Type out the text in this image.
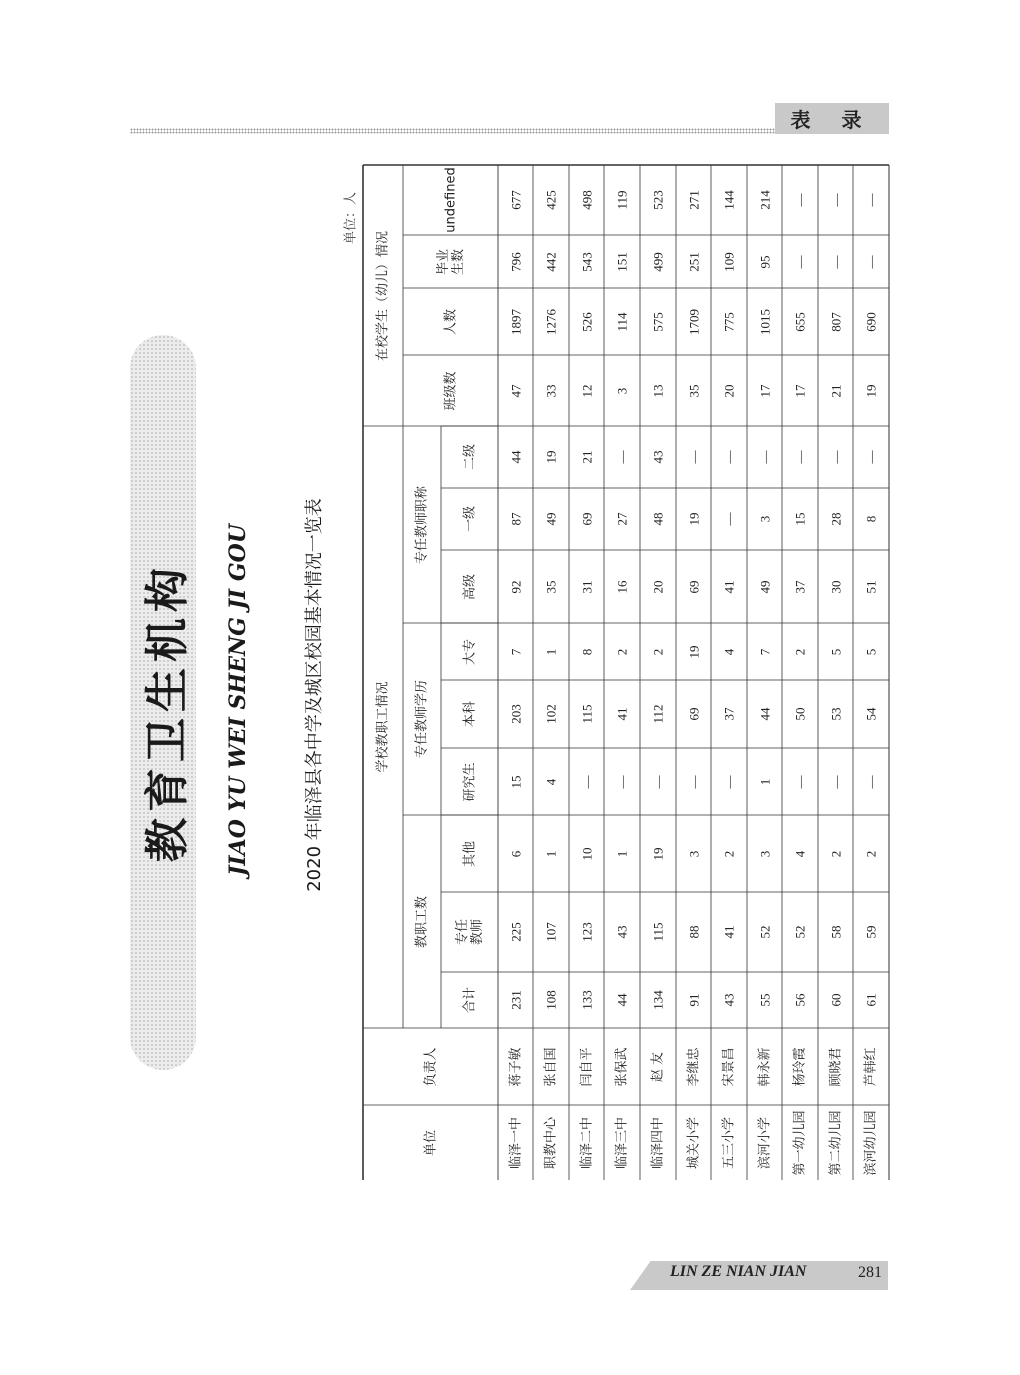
表 录
教育卫生机构 JIAO YU WEI SHENG JI GOU	2020 年临泽县各中学及城区校园基本情况一览表
单位：人
单位
负责人
学校教职工情况
教职工数
专任教师学历
专任教师职称
在校学生（幼儿）情况
合计
专任
教师
其他
研究生
本科
大专
高级
一级
二级
班级数
人数
毕业
生数
undefined
临泽一中
蒋子敏
231
225
6
15
203
7
92
87
44
47
1897
796
677
职教中心
张自国
108
107
1
4
102
1
35
49
19
33
1276
442
425
临泽二中
闫自平
133
123
10
—
115
8
31
69
21
12
526
543
498
临泽三中
张保武
44
43
1
—
41
2
16
27
—
3
114
151
119
临泽四中
赵 友
134
115
19
—
112
2
20
48
43
13
575
499
523
城关小学
李继忠
91
88
3
—
69
19
69
19
—
35
1709
251
271
五三小学
宋景昌
43
41
2
—
37
4
41
—
—
20
775
109
144
滨河小学
韩永新
55
52
3
1
44
7
49
3
—
17
1015
95
214
第一幼儿园
杨玲霞
56
52
4
—
50
2
37
15
—
17
655
—
—
第二幼儿园
顾晓君
60
58
2
—
53
5
30
28
—
21
807
—
—
滨河幼儿园
芦韩红
61
59
2
—
54
5
51
8
—
19
690
—
—
LIN ZE NIAN JIAN	281
